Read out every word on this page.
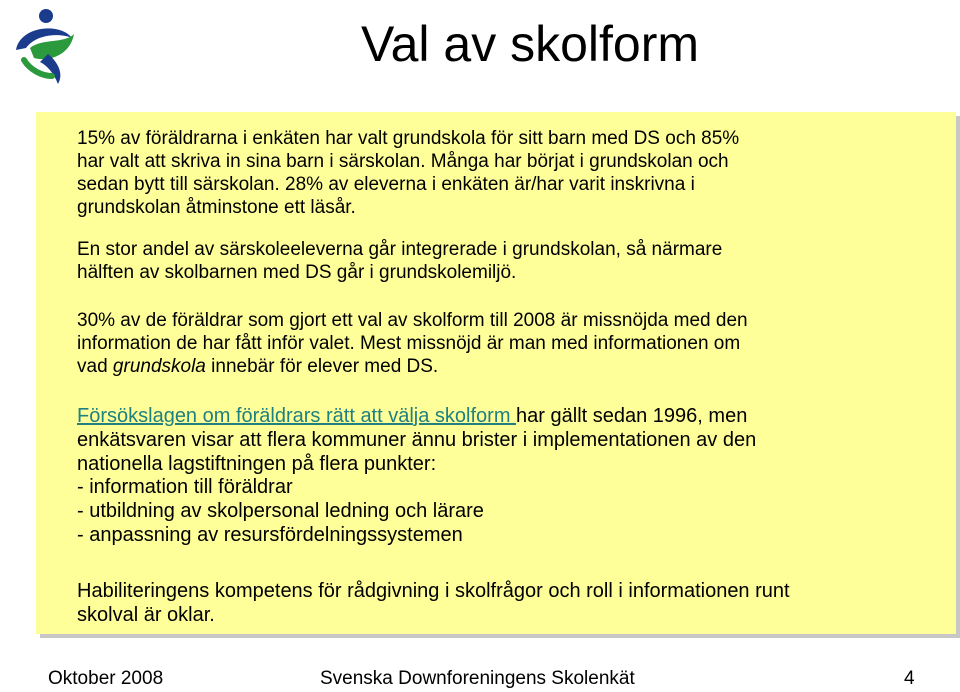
Val av skolform

15% av föräldrarna i enkäten har valt grundskola för sitt barn med DS och 85%
har valt att skriva in sina barn i särskolan. Många har börjat i grundskolan och
sedan bytt till särskolan. 28% av eleverna i enkäten är/har varit inskrivna i
grundskolan åtminstone ett läsår.

En stor andel av särskoleeleverna går integrerade i grundskolan, så närmare
hälften av skolbarnen med DS går i grundskolemiljö.

30% av de föräldrar som gjort ett val av skolform till 2008 är missnöjda med den
information de har fått inför valet. Mest missnöjd är man med informationen om
vad grundskola innebär för elever med DS.

Försökslagen om föräldrars rätt att välja skolform har gällt sedan 1996, men
enkätsvaren visar att flera kommuner ännu brister i implementationen av den
nationella lagstiftningen på flera punkter:

- information till föräldrar

- utbildning av skolpersonal ledning och lärare

- anpassning av resursfördelningssystemen

Habiliteringens kompetens för rådgivning i skolfrågor och roll i informationen runt
skolval är oklar.

Oktober 2008	Svenska Downforeningens Skolenkät	4
